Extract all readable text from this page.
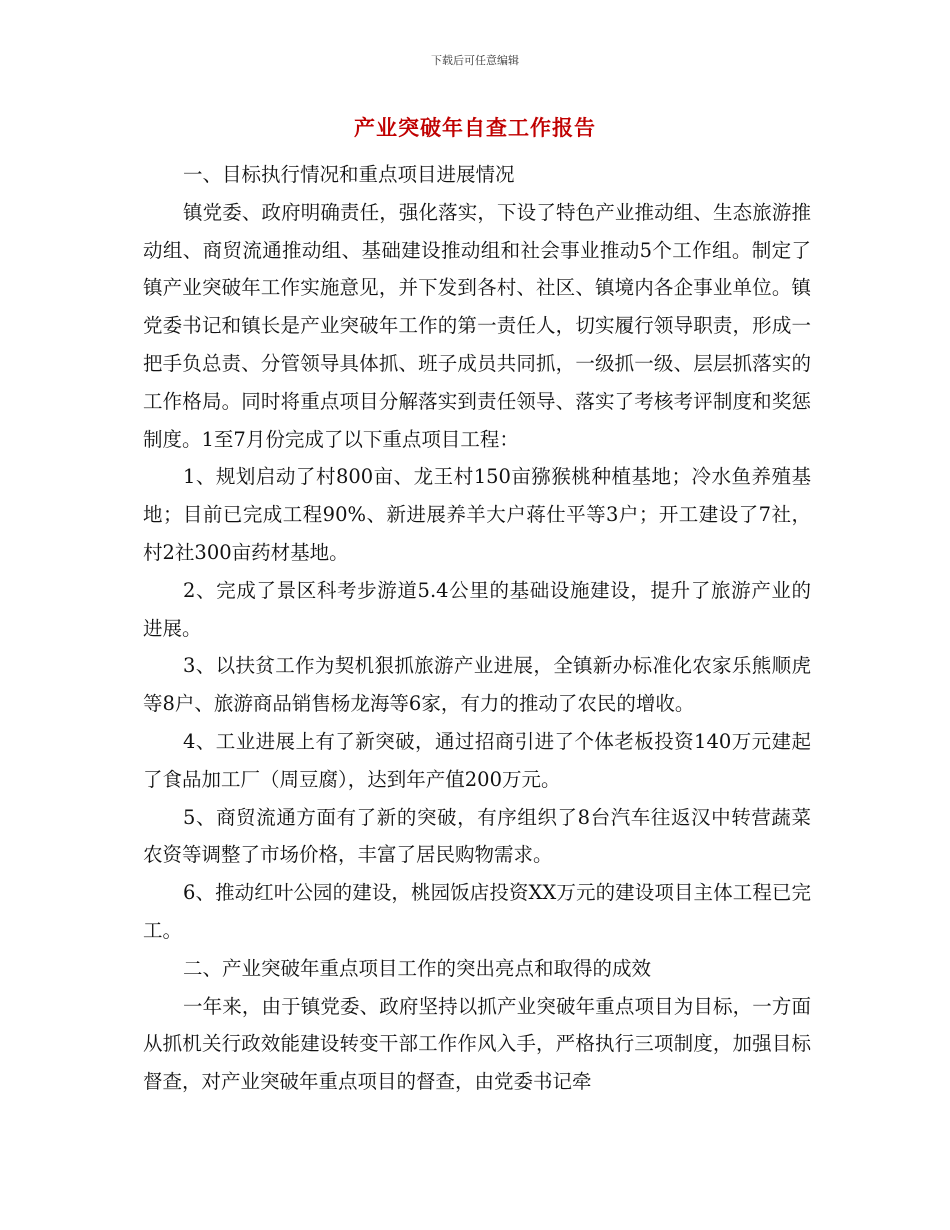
下载后可任意编辑
产业突破年自查工作报告

一、目标执行情况和重点项目进展情况

镇党委、政府明确责任，强化落实，下设了特色产业推动组、生态旅游推动组、商贸流通推动组、基础建设推动组和社会事业推动5个工作组。制定了镇产业突破年工作实施意见，并下发到各村、社区、镇境内各企事业单位。镇党委书记和镇长是产业突破年工作的第一责任人，切实履行领导职责，形成一把手负总责、分管领导具体抓、班子成员共同抓，一级抓一级、层层抓落实的工作格局。同时将重点项目分解落实到责任领导、落实了考核考评制度和奖惩制度。1至7月份完成了以下重点项目工程：

1、规划启动了村800亩、龙王村150亩猕猴桃种植基地；冷水鱼养殖基地；目前已完成工程90%、新进展养羊大户蒋仕平等3户；开工建设了7社，村2社300亩药材基地。

2、完成了景区科考步游道5.4公里的基础设施建设，提升了旅游产业的进展。

3、以扶贫工作为契机狠抓旅游产业进展，全镇新办标准化农家乐熊顺虎等8户、旅游商品销售杨龙海等6家，有力的推动了农民的增收。

4、工业进展上有了新突破，通过招商引进了个体老板投资140万元建起了食品加工厂（周豆腐），达到年产值200万元。

5、商贸流通方面有了新的突破，有序组织了8台汽车往返汉中转营蔬菜农资等调整了市场价格，丰富了居民购物需求。

6、推动红叶公园的建设，桃园饭店投资XX万元的建设项目主体工程已完工。

二、产业突破年重点项目工作的突出亮点和取得的成效

一年来，由于镇党委、政府坚持以抓产业突破年重点项目为目标，一方面从抓机关行政效能建设转变干部工作作风入手，严格执行三项制度，加强目标督查，对产业突破年重点项目的督查，由党委书记牵
